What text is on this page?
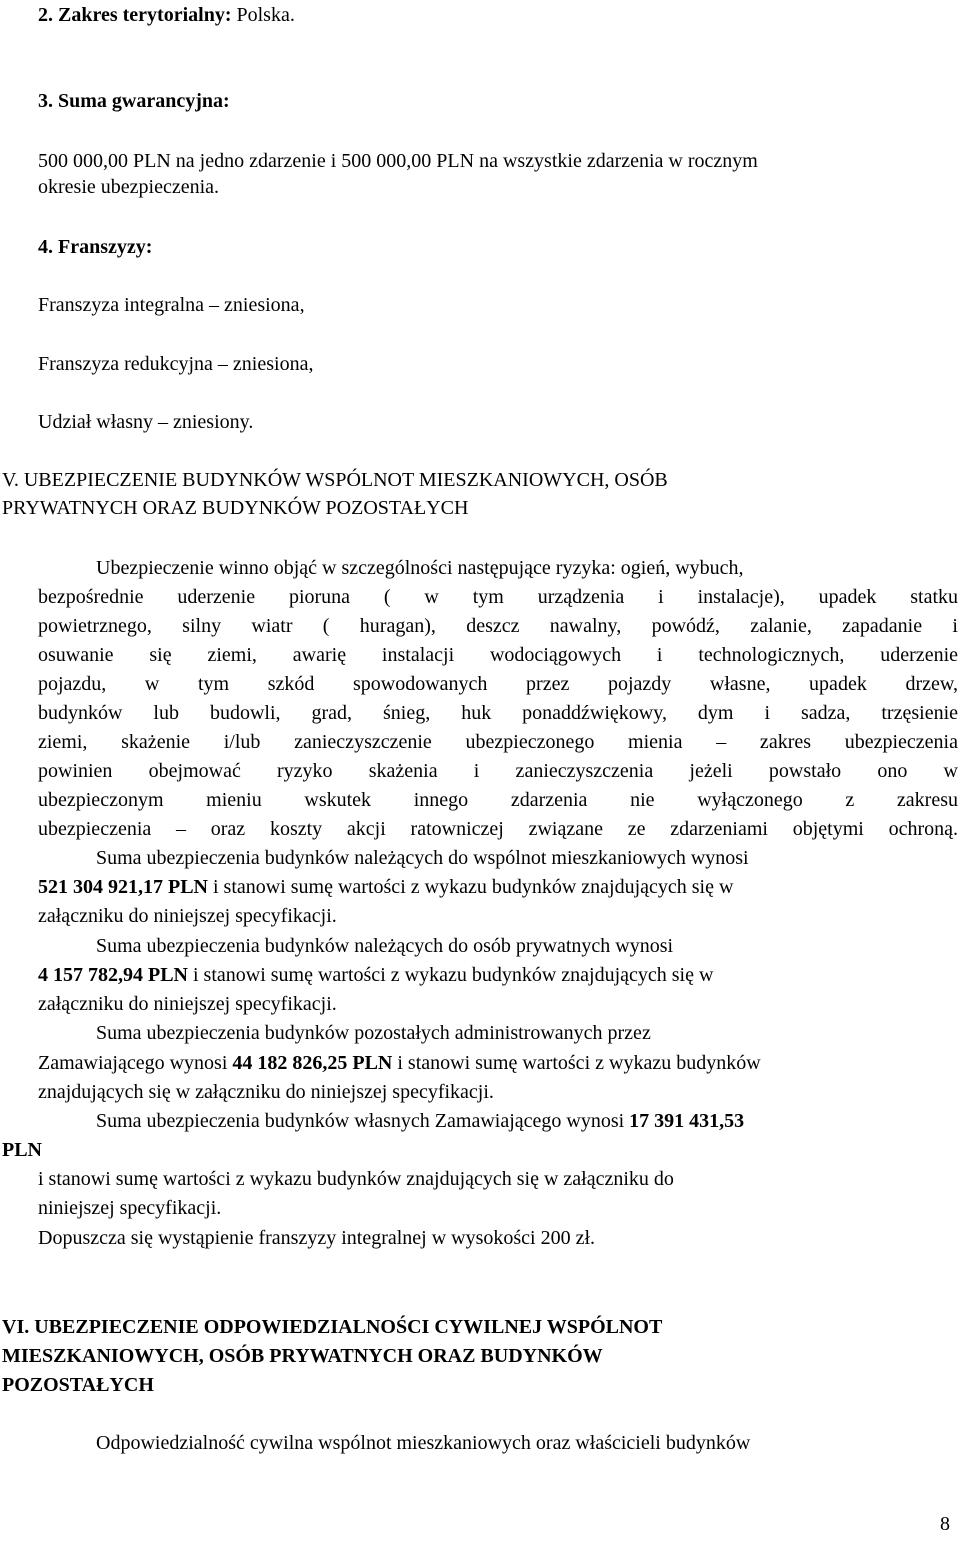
2. Zakres terytorialny: Polska.
3. Suma gwarancyjna:
500 000,00 PLN na jedno zdarzenie i 500 000,00 PLN na wszystkie zdarzenia w rocznym
okresie ubezpieczenia.
4. Franszyzy:
Franszyza integralna – zniesiona,
Franszyza redukcyjna – zniesiona,
Udział własny – zniesiony.
V. UBEZPIECZENIE BUDYNKÓW WSPÓLNOT MIESZKANIOWYCH, OSÓB
PRYWATNYCH ORAZ BUDYNKÓW POZOSTAŁYCH
Ubezpieczenie winno objąć w szczególności następujące ryzyka: ogień, wybuch,
bezpośrednie uderzenie pioruna ( w tym urządzenia i instalacje), upadek statku
powietrznego, silny wiatr ( huragan), deszcz nawalny, powódź, zalanie, zapadanie i
osuwanie się ziemi, awarię instalacji wodociągowych i technologicznych, uderzenie
pojazdu, w tym szkód spowodowanych przez pojazdy własne, upadek drzew,
budynków lub budowli, grad, śnieg, huk ponaddźwiękowy, dym i sadza, trzęsienie
ziemi, skażenie i/lub zanieczyszczenie ubezpieczonego mienia – zakres ubezpieczenia
powinien obejmować ryzyko skażenia i zanieczyszczenia jeżeli powstało ono w
ubezpieczonym mieniu wskutek innego zdarzenia nie wyłączonego z zakresu
ubezpieczenia – oraz koszty akcji ratowniczej związane ze zdarzeniami objętymi ochroną.
Suma ubezpieczenia budynków należących do wspólnot mieszkaniowych wynosi
521 304 921,17 PLN i stanowi sumę wartości z wykazu budynków znajdujących się w
załączniku do niniejszej specyfikacji.
Suma ubezpieczenia budynków należących do osób prywatnych wynosi
4 157 782,94 PLN i stanowi sumę wartości z wykazu budynków znajdujących się w
załączniku do niniejszej specyfikacji.
Suma ubezpieczenia budynków pozostałych administrowanych przez
Zamawiającego wynosi 44 182 826,25 PLN i stanowi sumę wartości z wykazu budynków
znajdujących się w załączniku do niniejszej specyfikacji.
Suma ubezpieczenia budynków własnych Zamawiającego wynosi 17 391 431,53
PLN
i stanowi sumę wartości z wykazu budynków znajdujących się w załączniku do
niniejszej specyfikacji.
Dopuszcza się wystąpienie franszyzy integralnej w wysokości 200 zł.
VI. UBEZPIECZENIE ODPOWIEDZIALNOŚCI CYWILNEJ WSPÓLNOT
MIESZKANIOWYCH, OSÓB PRYWATNYCH ORAZ BUDYNKÓW
POZOSTAŁYCH
Odpowiedzialność cywilna wspólnot mieszkaniowych oraz właścicieli budynków
8
